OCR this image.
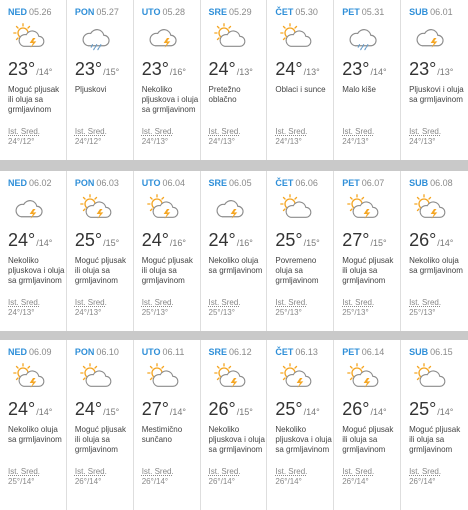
NED 05.26
23°/14°
Moguć pljusak ili oluja sa grmljavinom
Ist. Sred.
24°/12°
PON 05.27
23°/15°
Pljuskovi
Ist. Sred.
24°/12°
UTO 05.28
23°/16°
Nekoliko pljuskova i oluja sa grmljavinom
Ist. Sred.
24°/13°
SRE 05.29
24°/13°
Pretežno oblačno
Ist. Sred.
24°/13°
ČET 05.30
24°/13°
Oblaci i sunce
Ist. Sred.
24°/13°
PET 05.31
23°/14°
Malo kiše
Ist. Sred.
24°/13°
SUB 06.01
23°/13°
Pljuskovi i oluja sa grmljavinom
Ist. Sred.
24°/13°
NED 06.02
24°/14°
Nekoliko pljuskova i oluja sa grmljavinom
Ist. Sred.
24°/13°
PON 06.03
25°/15°
Moguć pljusak ili oluja sa grmljavinom
Ist. Sred.
24°/13°
UTO 06.04
24°/16°
Moguć pljusak ili oluja sa grmljavinom
Ist. Sred.
25°/13°
SRE 06.05
24°/16°
Nekoliko oluja sa grmljavinom
Ist. Sred.
25°/13°
ČET 06.06
25°/15°
Povremeno oluja sa grmljavinom
Ist. Sred.
25°/13°
PET 06.07
27°/15°
Moguć pljusak ili oluja sa grmljavinom
Ist. Sred.
25°/13°
SUB 06.08
26°/14°
Nekoliko oluja sa grmljavinom
Ist. Sred.
25°/13°
NED 06.09
24°/14°
Nekoliko oluja sa grmljavinom
Ist. Sred.
25°/14°
PON 06.10
24°/15°
Moguć pljusak ili oluja sa grmljavinom
Ist. Sred.
26°/14°
UTO 06.11
27°/14°
Mestimično sunčano
Ist. Sred.
26°/14°
SRE 06.12
26°/15°
Nekoliko pljuskova i oluja sa grmljavinom
Ist. Sred.
26°/14°
ČET 06.13
25°/14°
Nekoliko pljuskova i oluja sa grmljavinom
Ist. Sred.
26°/14°
PET 06.14
26°/14°
Moguć pljusak ili oluja sa grmljavinom
Ist. Sred.
26°/14°
SUB 06.15
25°/14°
Moguć pljusak ili oluja sa grmljavinom
Ist. Sred.
26°/14°
